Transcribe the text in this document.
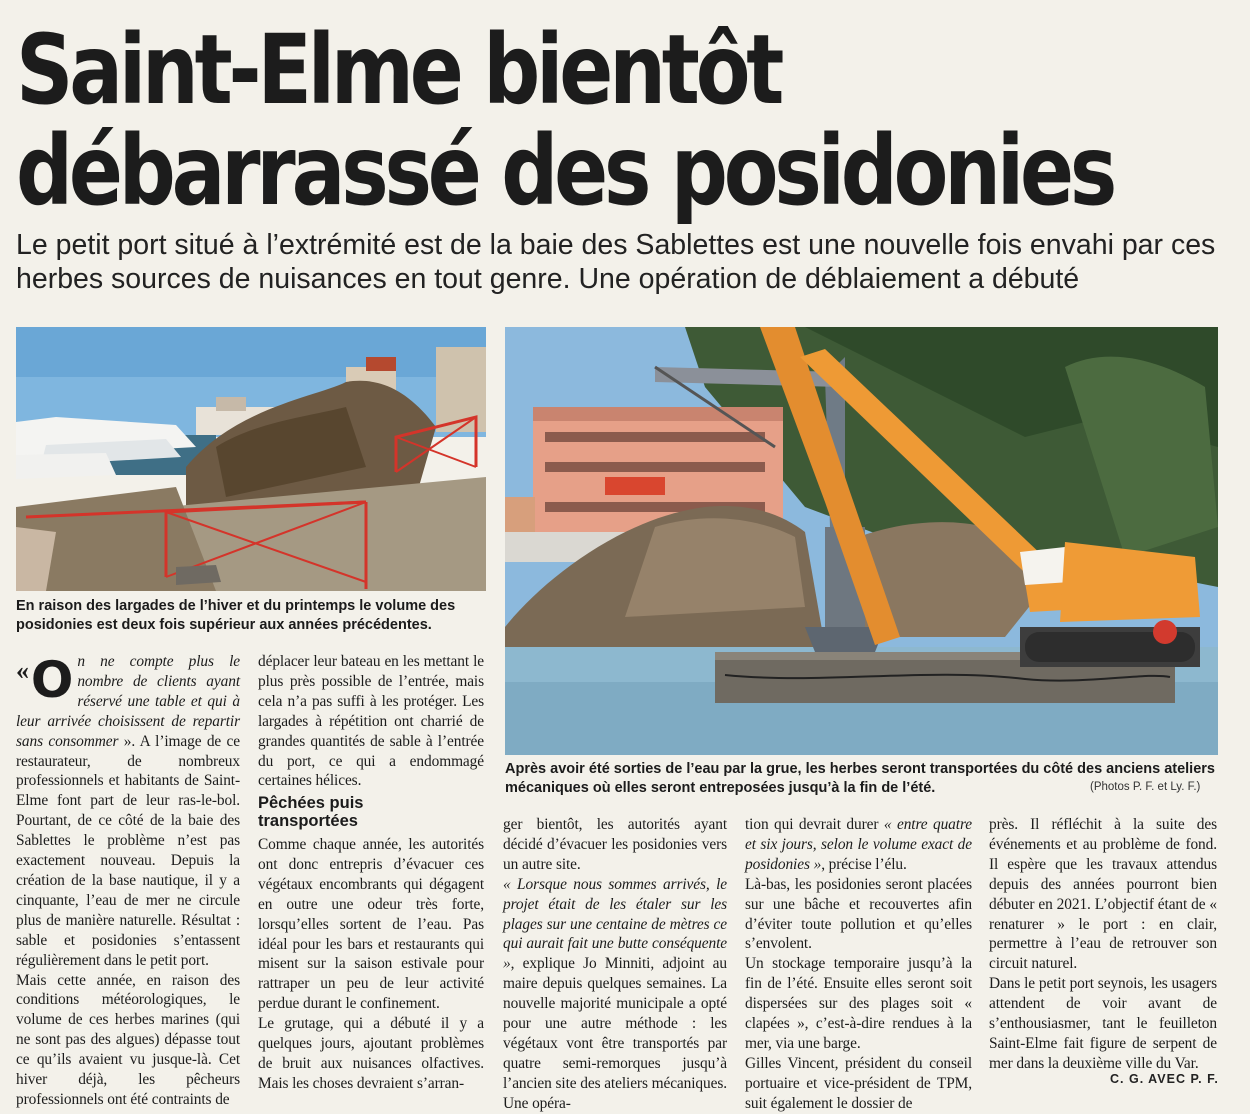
Saint-Elme bientôt
débarrassé des posidonies

Le petit port situé à l’extrémité est de la baie des Sablettes est une nouvelle fois envahi par ces herbes sources de nuisances en tout genre. Une opération de déblaiement a débuté

En raison des largades de l’hiver et du printemps le volume des posidonies est deux fois supérieur aux années précédentes.

Après avoir été sorties de l’eau par la grue, les herbes seront transportées du côté des anciens ateliers mécaniques où elles seront entreposées jusqu’à la fin de l’été.	(Photos P. F. et Ly. F.)

« O n ne compte plus le nombre de clients ayant réservé une table et qui à leur arrivée choisissent de repartir sans consommer ». A l’image de ce restaurateur, de nombreux professionnels et habitants de Saint-Elme font part de leur ras-le-bol. Pourtant, de ce côté de la baie des Sablettes le problème n’est pas exactement nouveau. Depuis la création de la base nautique, il y a cinquante, l’eau de mer ne circule plus de manière naturelle. Résultat : sable et posidonies s’entassent régulièrement dans le petit port.

Mais cette année, en raison des conditions météorologiques, le volume de ces herbes marines (qui ne sont pas des algues) dépasse tout ce qu’ils avaient vu jusque-là. Cet hiver déjà, les pêcheurs professionnels ont été contraints de

déplacer leur bateau en les mettant le plus près possible de l’entrée, mais cela n’a pas suffi à les protéger. Les largades à répétition ont charrié de grandes quantités de sable à l’entrée du port, ce qui a endommagé certaines hélices.

Pêchées puis transportées

Comme chaque année, les autorités ont donc entrepris d’évacuer ces végétaux encombrants qui dégagent en outre une odeur très forte, lorsqu’elles sortent de l’eau. Pas idéal pour les bars et restaurants qui misent sur la saison estivale pour rattraper un peu de leur activité perdue durant le confinement.

Le grutage, qui a débuté il y a quelques jours, ajoutant problèmes de bruit aux nuisances olfactives. Mais les choses devraient s’arran-

ger bientôt, les autorités ayant décidé d’évacuer les posidonies vers un autre site.

« Lorsque nous sommes arrivés, le projet était de les étaler sur les plages sur une centaine de mètres ce qui aurait fait une butte conséquente », explique Jo Minniti, adjoint au maire depuis quelques semaines. La nouvelle majorité municipale a opté pour une autre méthode : les végétaux vont être transportés par quatre semi-remorques jusqu’à l’ancien site des ateliers mécaniques. Une opéra-

tion qui devrait durer « entre quatre et six jours, selon le volume exact de posidonies », précise l’élu.

Là-bas, les posidonies seront placées sur une bâche et recouvertes afin d’éviter toute pollution et qu’elles s’envolent.

Un stockage temporaire jusqu’à la fin de l’été. Ensuite elles seront soit dispersées sur des plages soit « clapées », c’est-à-dire rendues à la mer, via une barge.

Gilles Vincent, président du conseil portuaire et vice-président de TPM, suit également le dossier de

près. Il réfléchit à la suite des événements et au problème de fond. Il espère que les travaux attendus depuis des années pourront bien débuter en 2021. L’objectif étant de « renaturer » le port : en clair, permettre à l’eau de retrouver son circuit naturel.

Dans le petit port seynois, les usagers attendent de voir avant de s’enthousiasmer, tant le feuilleton Saint-Elme fait figure de serpent de mer dans la deuxième ville du Var.

C. G. AVEC P. F.
